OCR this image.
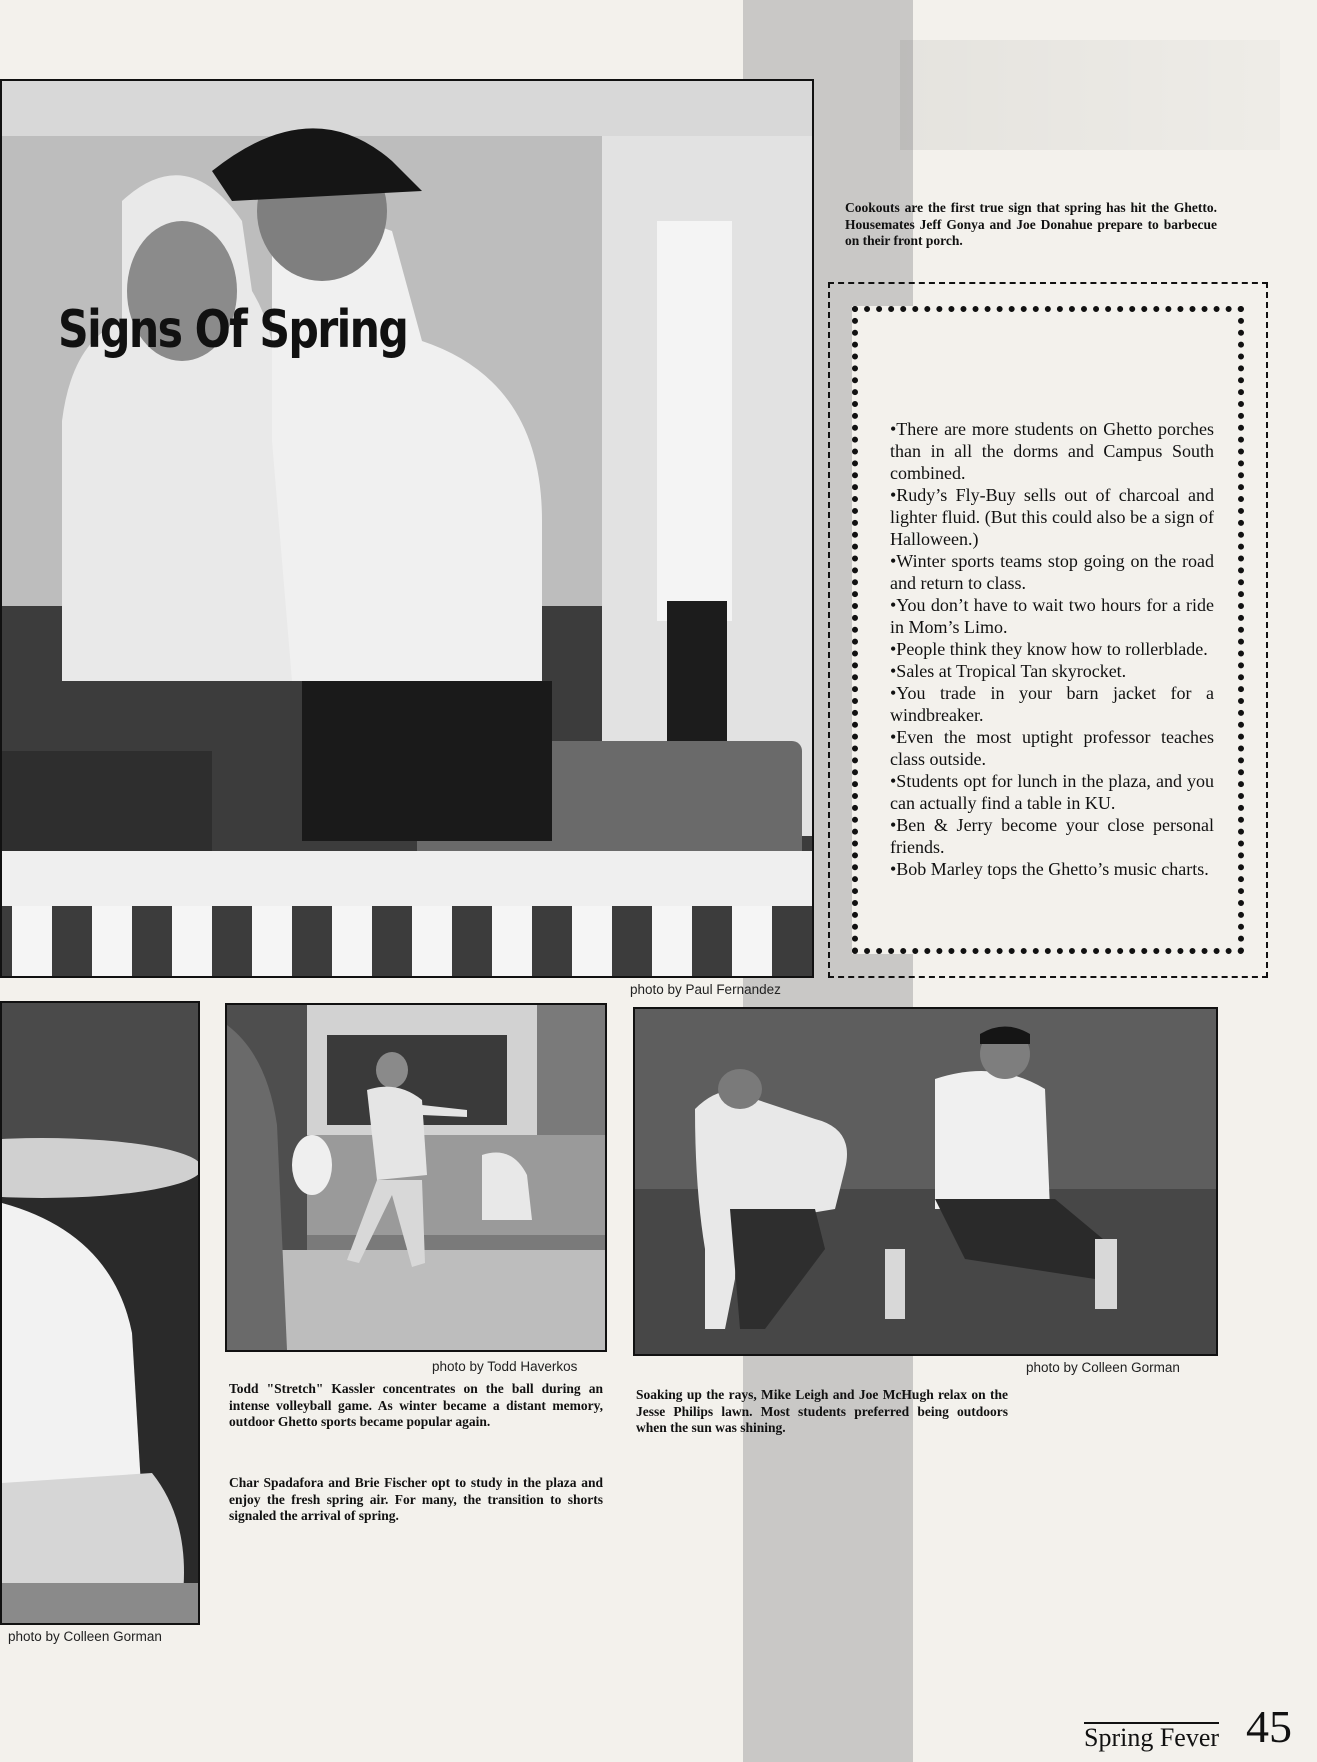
photo by Paul Fernandez
photo by Todd Haverkos	photo by Colleen Gorman
photo by Colleen Gorman
Cookouts are the first true sign that spring has hit the Ghetto. Housemates Jeff Gonya and Joe Donahue prepare to barbecue on their front porch.
Todd "Stretch" Kassler concentrates on the ball during an intense volleyball game. As winter became a distant memory, outdoor Ghetto sports became popular again.
Char Spadafora and Brie Fischer opt to study in the plaza and enjoy the fresh spring air. For many, the transition to shorts signaled the arrival of spring.
Soaking up the rays, Mike Leigh and Joe McHugh relax on the Jesse Philips lawn. Most students preferred being outdoors when the sun was shining.
Signs Of Spring
•There are more students on Ghetto porches than in all the dorms and Campus South combined.
•Rudy’s Fly-Buy sells out of charcoal and lighter fluid. (But this could also be a sign of Halloween.)
•Winter sports teams stop going on the road and return to class.
•You don’t have to wait two hours for a ride in Mom’s Limo.
•People think they know how to rollerblade.
•Sales at Tropical Tan skyrocket.
•You trade in your barn jacket for a windbreaker.
•Even the most uptight professor teaches class outside.
•Students opt for lunch in the plaza, and you can actually find a table in KU.
•Ben & Jerry become your close personal friends.
•Bob Marley tops the Ghetto’s music charts.
Spring Fever 45
